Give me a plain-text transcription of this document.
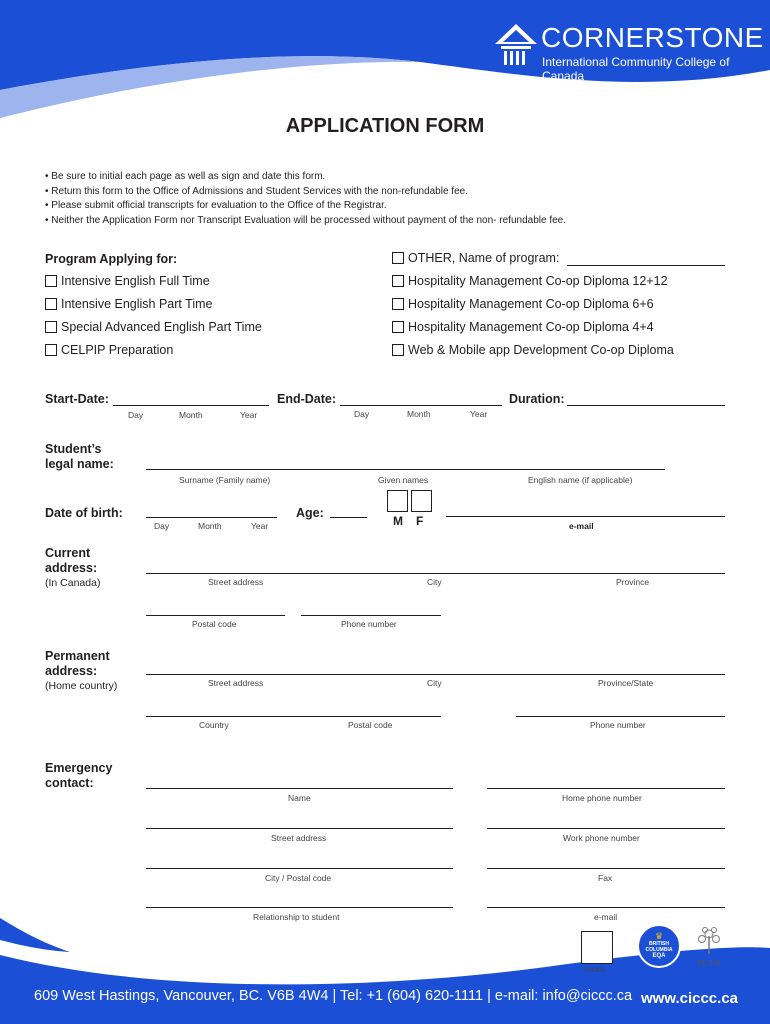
CORNERSTONE
International Community College of Canada
APPLICATION FORM
• Be sure to initial each page as well as sign and date this form.
• Return this form to the Office of Admissions and Student Services with the non-refundable fee.
• Please submit official transcripts for evaluation to the Office of the Registrar.
• Neither the Application Form nor Transcript Evaluation will be processed without payment of the non- refundable fee.
Program Applying for:
Intensive English Full Time
Intensive English Part Time
Special Advanced English Part Time
CELPIP Preparation
OTHER, Name of program:
Hospitality Management Co-op Diploma 12+12
Hospitality Management Co-op Diploma 6+6
Hospitality Management Co-op Diploma 4+4
Web & Mobile app Development Co-op Diploma
Start-Date:
Day	Month	Year
End-Date:
Day	Month	Year
Duration:
Student’s
legal name:
Surname (Family name)	Given names	English name (if applicable)
Date of birth:
Day	Month	Year
Age:
M F	e-mail
Current
address:
(In Canada)	Street address	City	Province
Postal code	Phone number
Permanent
address:
(Home country)	Street address	City	Province/State
Country	Postal code	Phone number
Emergency
contact:
Name	Home phone number
Street address	Work phone number
City / Postal code	Fax
Relationship to student	e-mail
Initials
♛
BRITISH
COLUMBIA
EQA
PCTIA
609 West Hastings, Vancouver, BC. V6B 4W4 | Tel: +1 (604) 620-1111 | e-mail: info@ciccc.ca www.ciccc.ca
